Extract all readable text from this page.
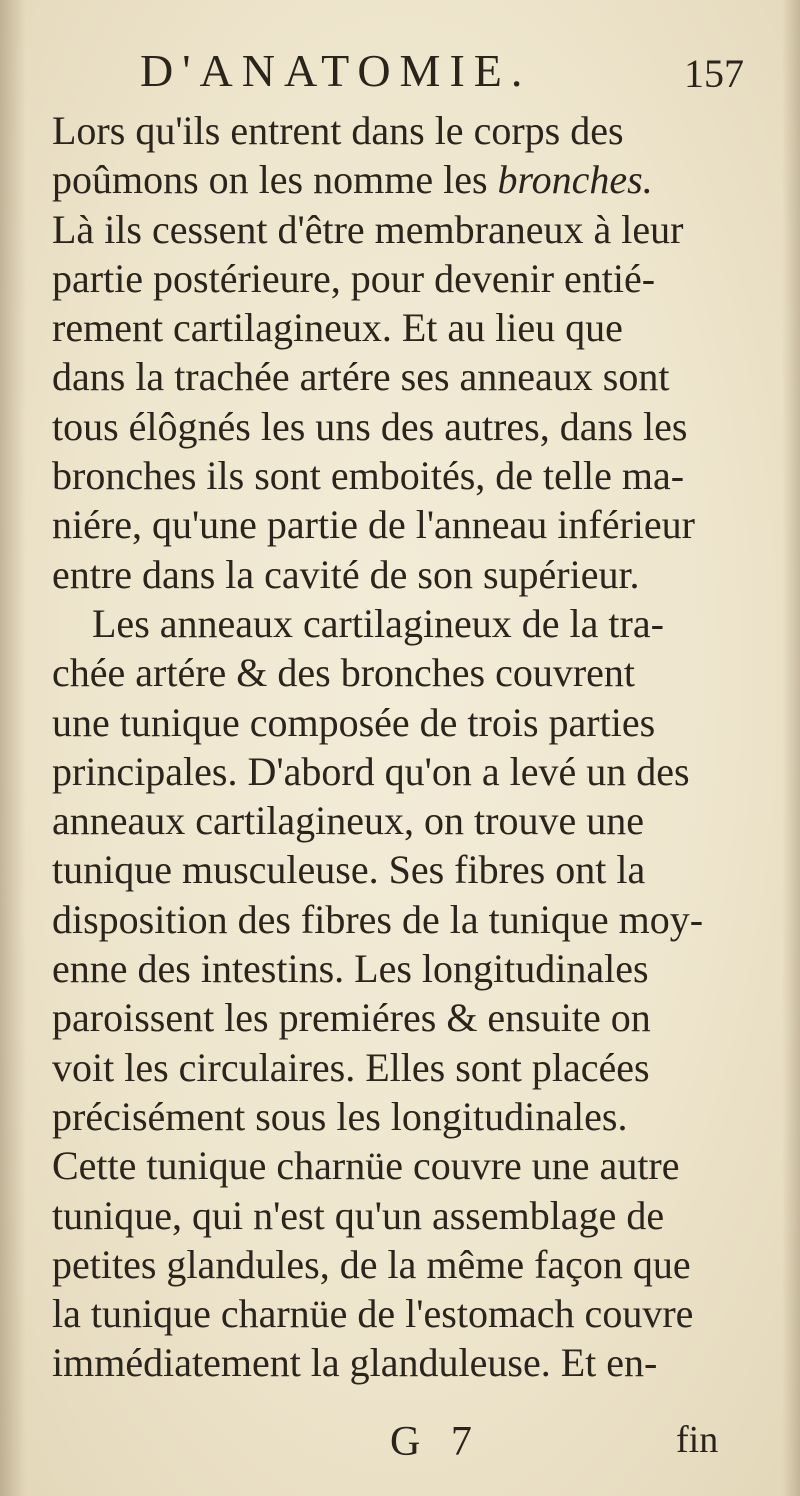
D'ANATOMIE.	157
Lors qu'ils entrent dans le corps des
poûmons on les nomme les bronches.
Là ils cessent d'être membraneux à leur
partie postérieure, pour devenir entié-
rement cartilagineux. Et au lieu que
dans la trachée artére ses anneaux sont
tous élôgnés les uns des autres, dans les
bronches ils sont emboités, de telle ma-
niére, qu'une partie de l'anneau inférieur
entre dans la cavité de son supérieur.
Les anneaux cartilagineux de la tra-
chée artére & des bronches couvrent
une tunique composée de trois parties
principales. D'abord qu'on a levé un des
anneaux cartilagineux, on trouve une
tunique musculeuse. Ses fibres ont la
disposition des fibres de la tunique moy-
enne des intestins. Les longitudinales
paroissent les premiéres & ensuite on
voit les circulaires. Elles sont placées
précisément sous les longitudinales.
Cette tunique charnüe couvre une autre
tunique, qui n'est qu'un assemblage de
petites glandules, de la même façon que
la tunique charnüe de l'estomach couvre
immédiatement la glanduleuse. Et en-
G 7	fin
